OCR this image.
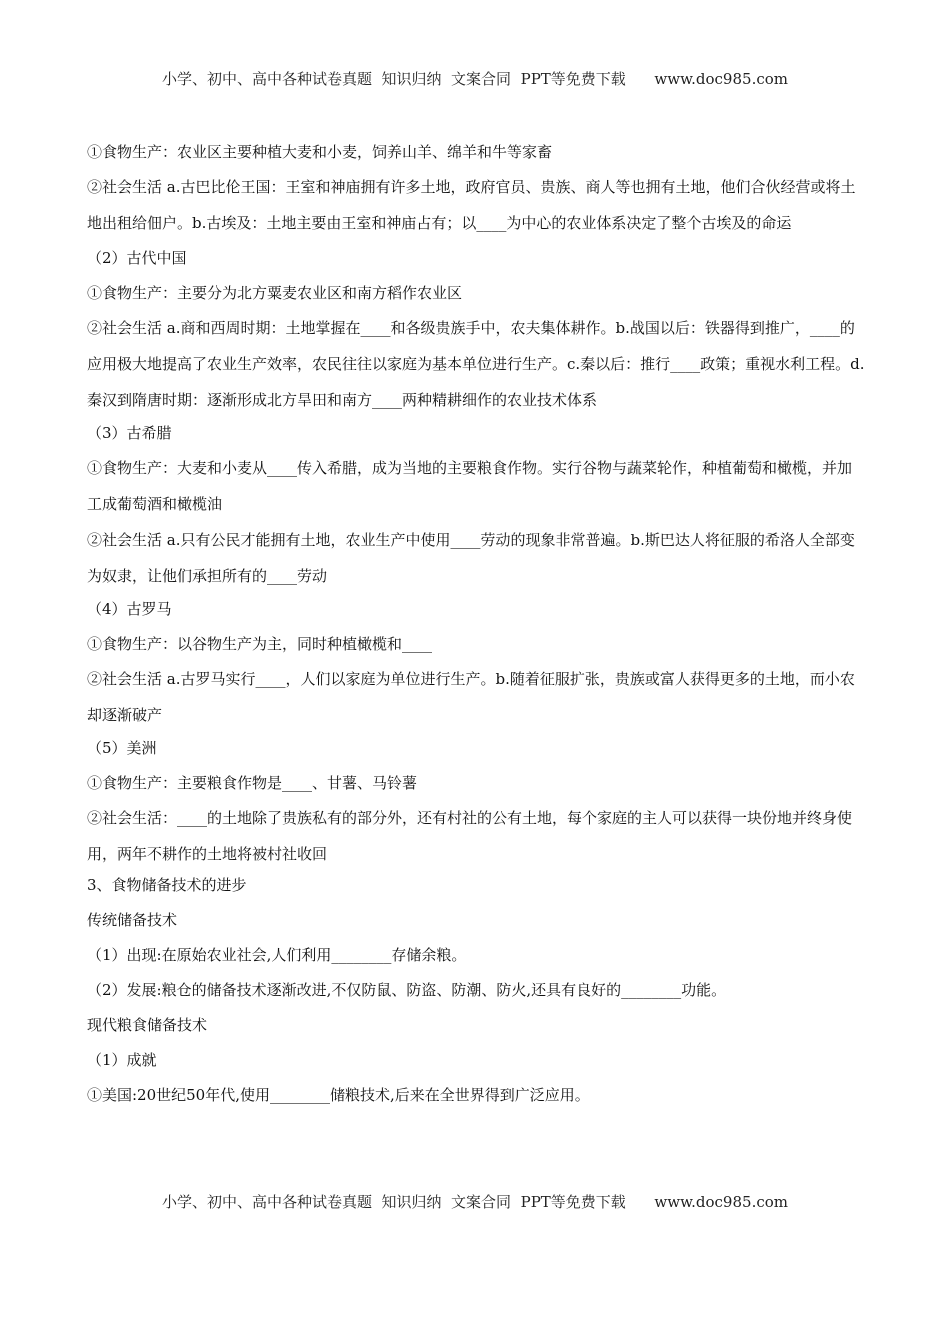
小学、初中、高中各种试卷真题  知识归纳  文案合同  PPT等免费下载      www.doc985.com
①食物生产：农业区主要种植大麦和小麦，饲养山羊、绵羊和牛等家畜
②社会生活 a.古巴比伦王国：王室和神庙拥有许多土地，政府官员、贵族、商人等也拥有土地，他们合伙经营或将土地出租给佃户。b.古埃及：土地主要由王室和神庙占有；以____为中心的农业体系决定了整个古埃及的命运
（2）古代中国
①食物生产：主要分为北方粟麦农业区和南方稻作农业区
②社会生活 a.商和西周时期：土地掌握在____和各级贵族手中，农夫集体耕作。b.战国以后：铁器得到推广，____的应用极大地提高了农业生产效率，农民往往以家庭为基本单位进行生产。c.秦以后：推行____政策；重视水利工程。d.秦汉到隋唐时期：逐渐形成北方旱田和南方____两种精耕细作的农业技术体系
（3）古希腊
①食物生产：大麦和小麦从____传入希腊，成为当地的主要粮食作物。实行谷物与蔬菜轮作，种植葡萄和橄榄，并加工成葡萄酒和橄榄油
②社会生活 a.只有公民才能拥有土地，农业生产中使用____劳动的现象非常普遍。b.斯巴达人将征服的希洛人全部变为奴隶，让他们承担所有的____劳动
（4）古罗马
①食物生产：以谷物生产为主，同时种植橄榄和____
②社会生活 a.古罗马实行____，人们以家庭为单位进行生产。b.随着征服扩张，贵族或富人获得更多的土地，而小农却逐渐破产
（5）美洲
①食物生产：主要粮食作物是____、甘薯、马铃薯
②社会生活：____的土地除了贵族私有的部分外，还有村社的公有土地，每个家庭的主人可以获得一块份地并终身使用，两年不耕作的土地将被村社收回
3、食物储备技术的进步
传统储备技术
（1）出现:在原始农业社会,人们利用________存储余粮。
（2）发展:粮仓的储备技术逐渐改进,不仅防鼠、防盗、防潮、防火,还具有良好的________功能。
现代粮食储备技术
（1）成就
①美国:20世纪50年代,使用________储粮技术,后来在全世界得到广泛应用。
小学、初中、高中各种试卷真题  知识归纳  文案合同  PPT等免费下载      www.doc985.com
